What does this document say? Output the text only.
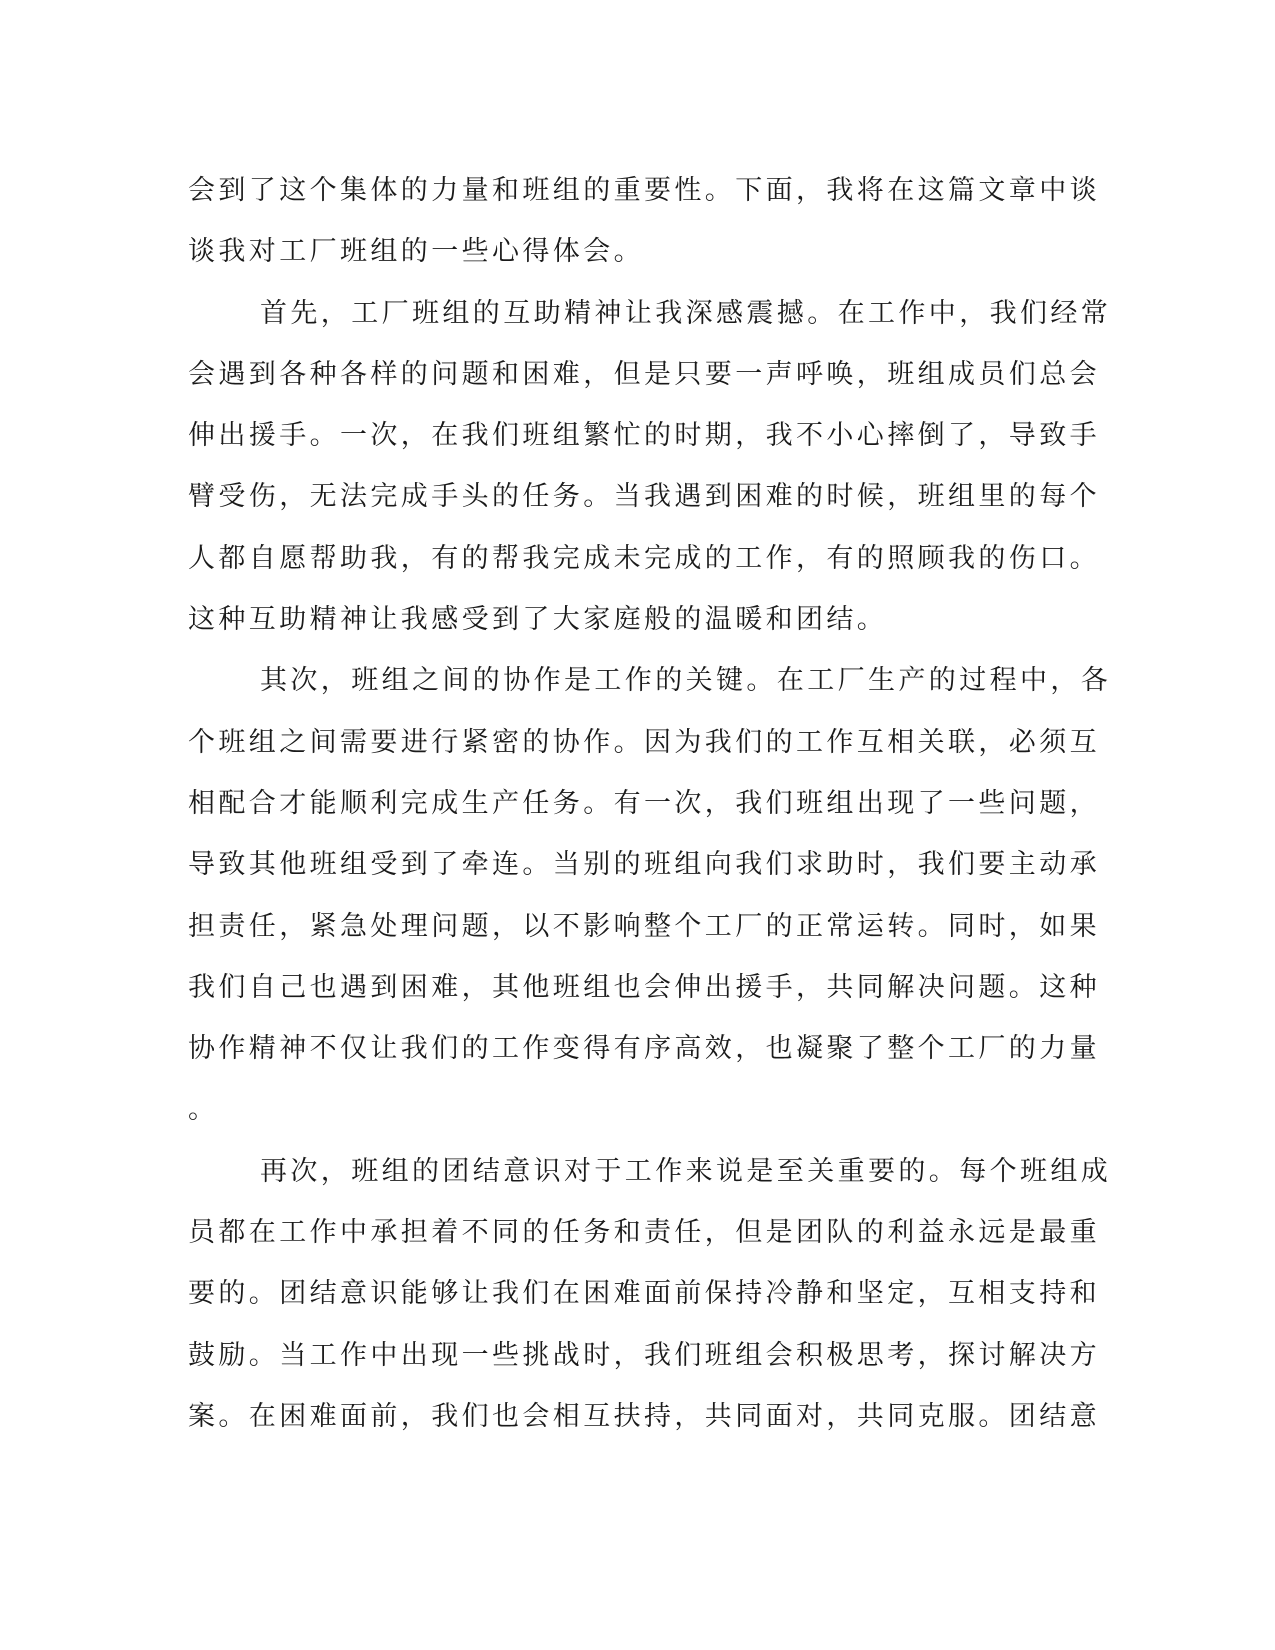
会到了这个集体的力量和班组的重要性。下面，我将在这篇文章中谈
谈我对工厂班组的一些心得体会。
首先，工厂班组的互助精神让我深感震撼。在工作中，我们经常
会遇到各种各样的问题和困难，但是只要一声呼唤，班组成员们总会
伸出援手。一次，在我们班组繁忙的时期，我不小心摔倒了，导致手
臂受伤，无法完成手头的任务。当我遇到困难的时候，班组里的每个
人都自愿帮助我，有的帮我完成未完成的工作，有的照顾我的伤口。
这种互助精神让我感受到了大家庭般的温暖和团结。
其次，班组之间的协作是工作的关键。在工厂生产的过程中，各
个班组之间需要进行紧密的协作。因为我们的工作互相关联，必须互
相配合才能顺利完成生产任务。有一次，我们班组出现了一些问题，
导致其他班组受到了牵连。当别的班组向我们求助时，我们要主动承
担责任，紧急处理问题，以不影响整个工厂的正常运转。同时，如果
我们自己也遇到困难，其他班组也会伸出援手，共同解决问题。这种
协作精神不仅让我们的工作变得有序高效，也凝聚了整个工厂的力量
。
再次，班组的团结意识对于工作来说是至关重要的。每个班组成
员都在工作中承担着不同的任务和责任，但是团队的利益永远是最重
要的。团结意识能够让我们在困难面前保持冷静和坚定，互相支持和
鼓励。当工作中出现一些挑战时，我们班组会积极思考，探讨解决方
案。在困难面前，我们也会相互扶持，共同面对，共同克服。团结意
